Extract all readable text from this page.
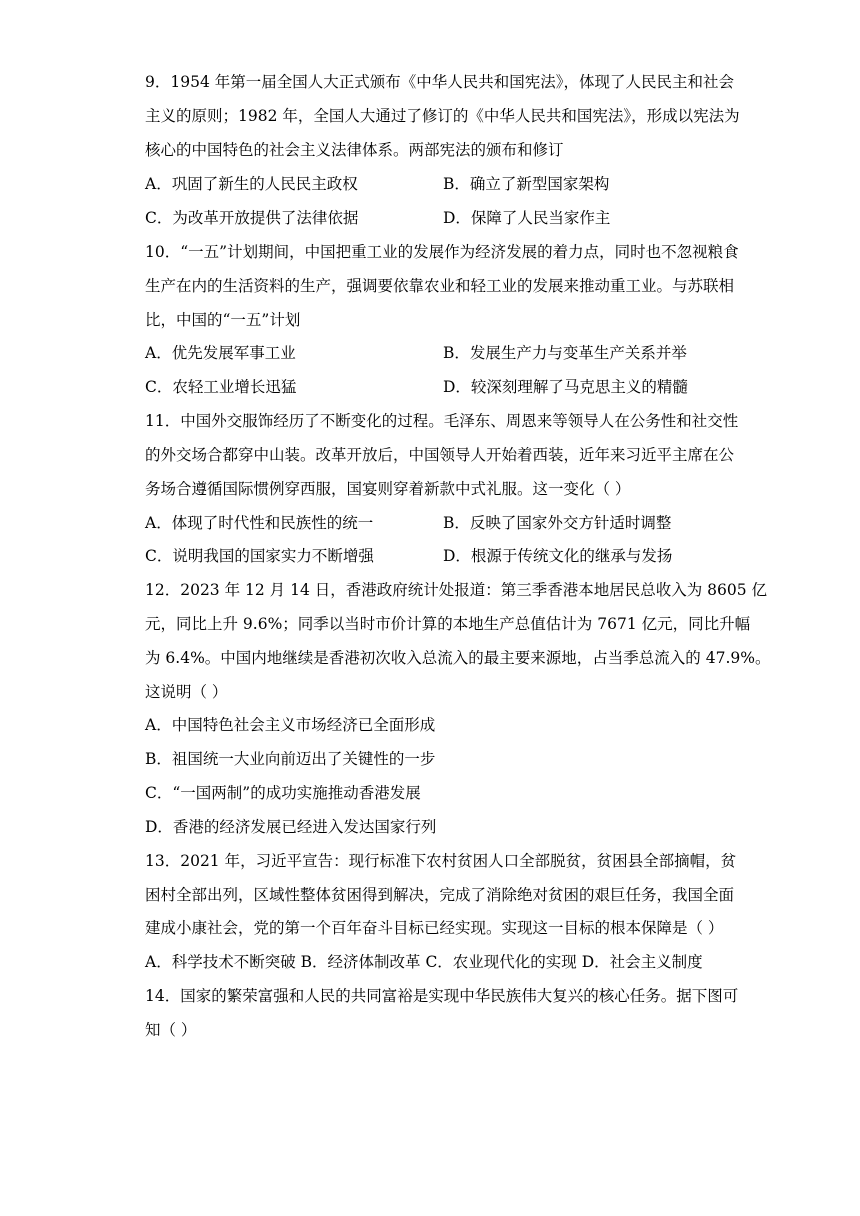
9．1954 年第一届全国人大正式颁布《中华人民共和国宪法》，体现了人民民主和社会
主义的原则；1982 年，全国人大通过了修订的《中华人民共和国宪法》，形成以宪法为
核心的中国特色的社会主义法律体系。两部宪法的颁布和修订
A．巩固了新生的人民民主政权	B．确立了新型国家架构
C．为改革开放提供了法律依据	D．保障了人民当家作主
10．“一五”计划期间，中国把重工业的发展作为经济发展的着力点，同时也不忽视粮食
生产在内的生活资料的生产，强调要依靠农业和轻工业的发展来推动重工业。与苏联相
比，中国的“一五”计划
A．优先发展军事工业	B．发展生产力与变革生产关系并举
C．农轻工业增长迅猛	D．较深刻理解了马克思主义的精髓
11．中国外交服饰经历了不断变化的过程。毛泽东、周恩来等领导人在公务性和社交性
的外交场合都穿中山装。改革开放后，中国领导人开始着西装，近年来习近平主席在公
务场合遵循国际惯例穿西服，国宴则穿着新款中式礼服。这一变化（ ）
A．体现了时代性和民族性的统一	B．反映了国家外交方针适时调整
C．说明我国的国家实力不断增强	D．根源于传统文化的继承与发扬
12．2023 年 12 月 14 日，香港政府统计处报道：第三季香港本地居民总收入为 8605 亿
元，同比上升 9.6%；同季以当时市价计算的本地生产总值估计为 7671 亿元，同比升幅
为 6.4%。中国内地继续是香港初次收入总流入的最主要来源地，占当季总流入的 47.9%。
这说明（ ）
A．中国特色社会主义市场经济已全面形成
B．祖国统一大业向前迈出了关键性的一步
C．“一国两制”的成功实施推动香港发展
D．香港的经济发展已经进入发达国家行列
13．2021 年，习近平宣告：现行标准下农村贫困人口全部脱贫，贫困县全部摘帽，贫
困村全部出列，区域性整体贫困得到解决，完成了消除绝对贫困的艰巨任务，我国全面
建成小康社会，党的第一个百年奋斗目标已经实现。实现这一目标的根本保障是（ ）
A．科学技术不断突破 B．经济体制改革 C．农业现代化的实现 D．社会主义制度
14．国家的繁荣富强和人民的共同富裕是实现中华民族伟大复兴的核心任务。据下图可
知（ ）
